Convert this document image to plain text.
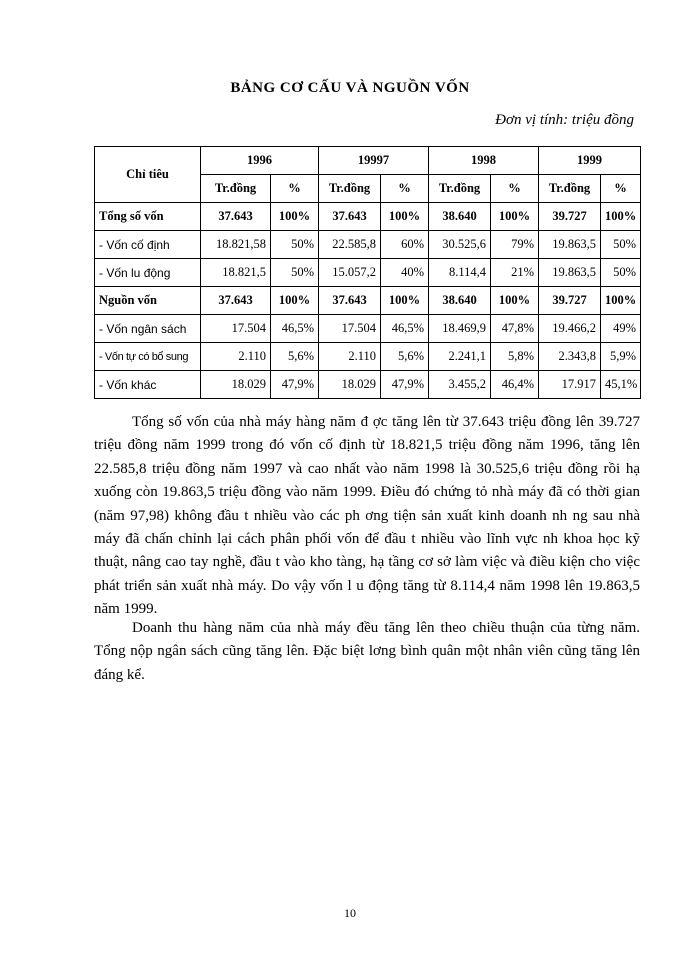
BẢNG CƠ CẤU VÀ NGUỒN VỐN
Đơn vị tính: triệu đồng
Chỉ tiêu	1996		19997		1998		1999	
	Tr.đồng	%	Tr.đồng	%	Tr.đồng	%	Tr.đồng	%
Tổng số vốn	37.643	100%	37.643	100%	38.640	100%	39.727	100%
- Vốn cố định	18.821,58	50%	22.585,8	60%	30.525,6	79%	19.863,5	50%
- Vốn lu động	18.821,5	50%	15.057,2	40%	8.114,4	21%	19.863,5	50%
Nguồn vốn	37.643	100%	37.643	100%	38.640	100%	39.727	100%
- Vốn ngân sách	17.504	46,5%	17.504	46,5%	18.469,9	47,8%	19.466,2	49%
- Vốn tự có bổ sung	2.110	5,6%	2.110	5,6%	2.241,1	5,8%	2.343,8	5,9%
- Vốn khác	18.029	47,9%	18.029	47,9%	3.455,2	46,4%	17.917	45,1%

Tổng số vốn của nhà máy hàng năm đ ợc tăng lên từ 37.643 triệu đồng lên 39.727 triệu đồng năm 1999 trong đó vốn cố định từ 18.821,5 triệu đồng năm 1996, tăng lên 22.585,8 triệu đồng năm 1997 và cao nhất vào năm 1998 là 30.525,6 triệu đồng rồi hạ xuống còn 19.863,5 triệu đồng vào năm 1999. Điều đó chứng tỏ nhà máy đã có thời gian (năm 97,98) không đầu t nhiều vào các ph ơng tiện sản xuất kinh doanh nh ng sau nhà máy đã chấn chỉnh lại cách phân phối vốn để đầu t nhiều vào lĩnh vực nh khoa học kỹ thuật, nâng cao tay nghề, đầu t vào kho tàng, hạ tầng cơ sở làm việc và điều kiện cho việc phát triển sản xuất nhà máy. Do vậy vốn l u động tăng từ 8.114,4 năm 1998 lên 19.863,5 năm 1999.

Doanh thu hàng năm của nhà máy đều tăng lên theo chiều thuận của từng năm. Tổng nộp ngân sách cũng tăng lên. Đặc biệt lơng bình quân một nhân viên cũng tăng lên đáng kể.

10
